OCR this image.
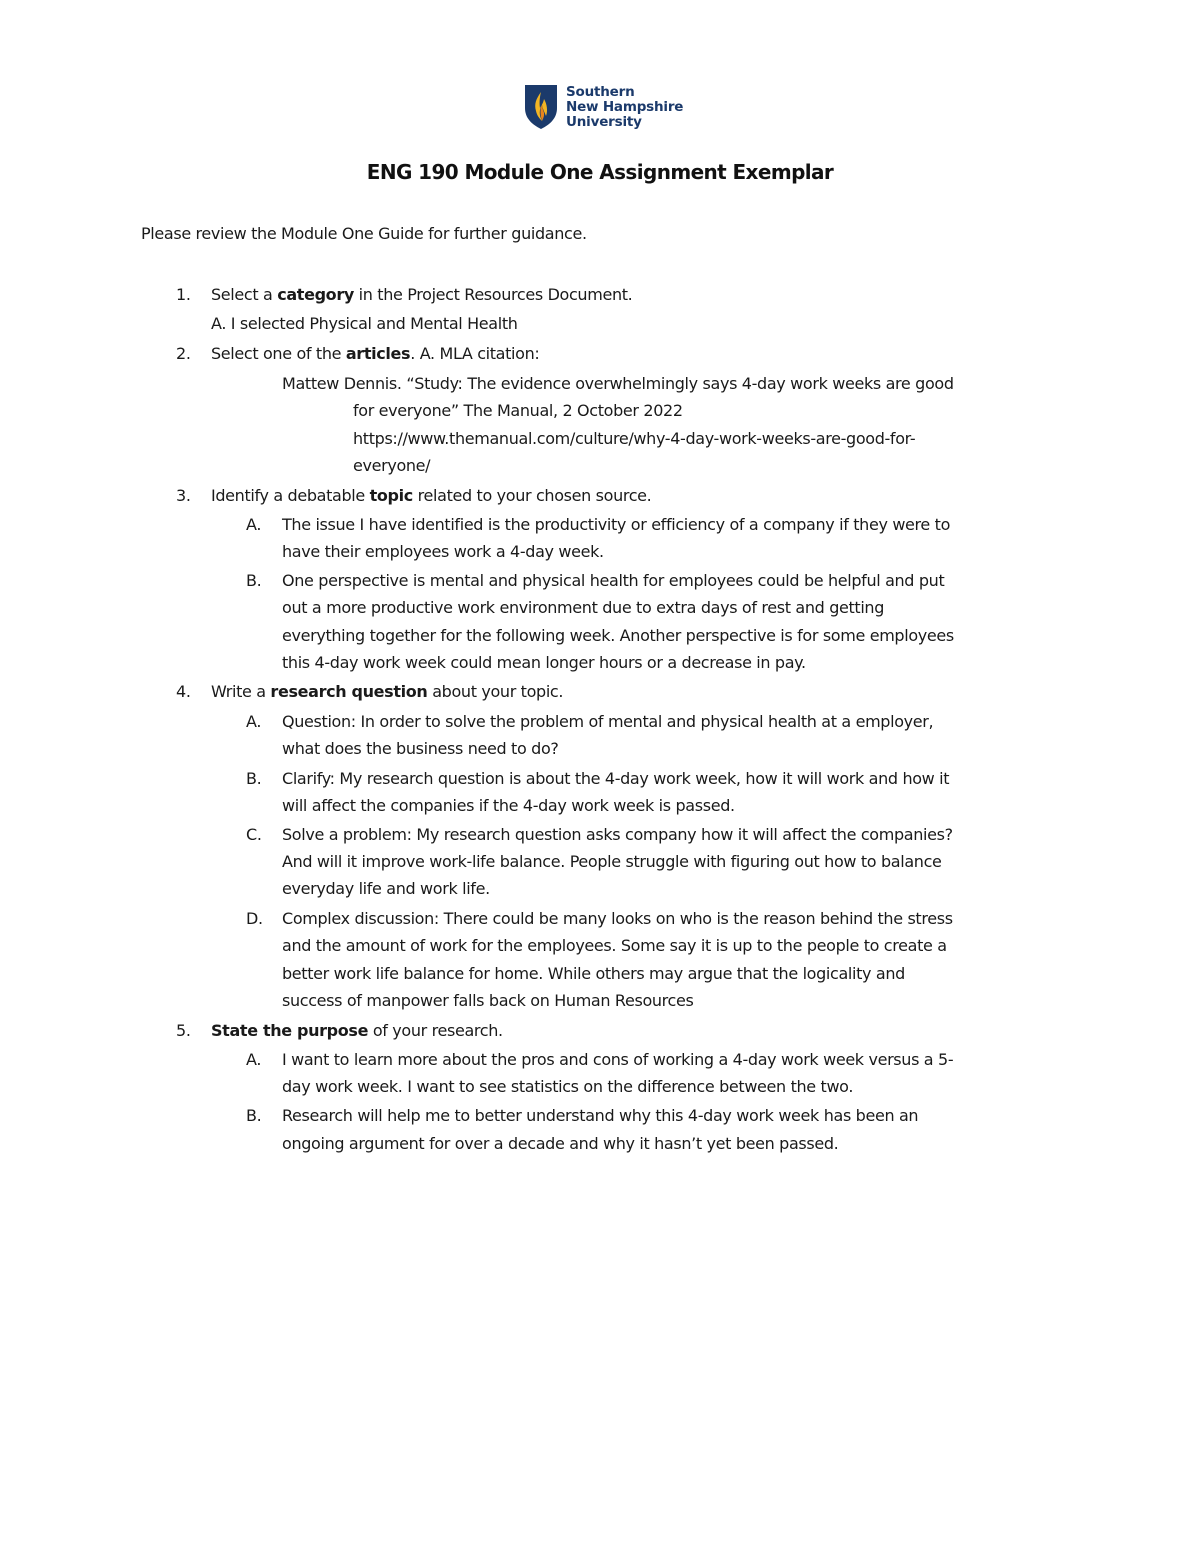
Southern
New Hampshire
University
ENG 190 Module One Assignment Exemplar
Please review the Module One Guide for further guidance.
1. Select a category in the Project Resources Document.
A. I selected Physical and Mental Health
2. Select one of the articles. A. MLA citation:
Mattew Dennis. “Study: The evidence overwhelmingly says 4-day work weeks are good
for everyone” The Manual, 2 October 2022
https://www.themanual.com/culture/why-4-day-work-weeks-are-good-for-
everyone/
3. Identify a debatable topic related to your chosen source.
A. The issue I have identified is the productivity or efficiency of a company if they were to
have their employees work a 4-day week.
B. One perspective is mental and physical health for employees could be helpful and put
out a more productive work environment due to extra days of rest and getting
everything together for the following week. Another perspective is for some employees
this 4-day work week could mean longer hours or a decrease in pay.
4. Write a research question about your topic.
A. Question: In order to solve the problem of mental and physical health at a employer,
what does the business need to do?
B. Clarify: My research question is about the 4-day work week, how it will work and how it
will affect the companies if the 4-day work week is passed.
C. Solve a problem: My research question asks company how it will affect the companies?
And will it improve work-life balance. People struggle with figuring out how to balance
everyday life and work life.
D. Complex discussion: There could be many looks on who is the reason behind the stress
and the amount of work for the employees. Some say it is up to the people to create a
better work life balance for home. While others may argue that the logicality and
success of manpower falls back on Human Resources
5. State the purpose of your research.
A. I want to learn more about the pros and cons of working a 4-day work week versus a 5-
day work week. I want to see statistics on the difference between the two.
B. Research will help me to better understand why this 4-day work week has been an
ongoing argument for over a decade and why it hasn’t yet been passed.
